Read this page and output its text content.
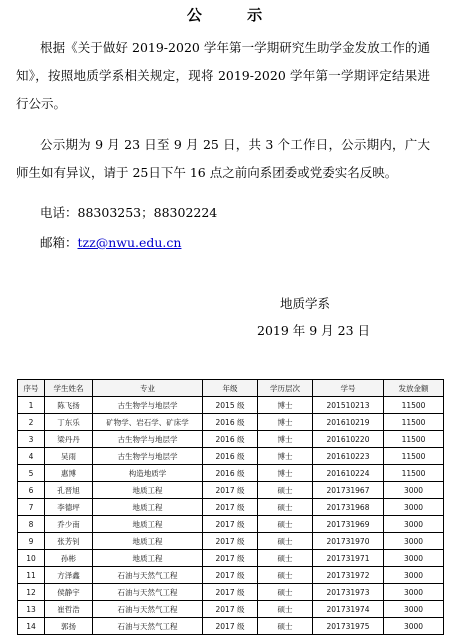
公 示
根据《关于做好 2019-2020 学年第一学期研究生助学金发放工作的通知》，按照地质学系相关规定，现将 2019-2020 学年第一学期评定结果进行公示。
公示期为 9 月 23 日至 9 月 25 日，共 3 个工作日，公示期内，广大师生如有异议，请于 25日下午 16 点之前向系团委或党委实名反映。
电话：88303253；88302224
邮箱：tzz@nwu.edu.cn
地质学系
2019 年 9 月 23 日
序号	学生姓名	专业	年级	学历层次	学号	发放金额
1	陈飞扬	古生物学与地层学	2015 级	博士	201510213	11500
2	丁东乐	矿物学、岩石学、矿床学	2016 级	博士	201610219	11500
3	梁丹丹	古生物学与地层学	2016 级	博士	201610220	11500
4	吴雨	古生物学与地层学	2016 级	博士	201610223	11500
5	惠博	构造地质学	2016 级	博士	201610224	11500
6	孔晋旭	地质工程	2017 级	硕士	201731967	3000
7	李德坪	地质工程	2017 级	硕士	201731968	3000
8	乔少南	地质工程	2017 级	硕士	201731969	3000
9	张芳钊	地质工程	2017 级	硕士	201731970	3000
10	孙彬	地质工程	2017 级	硕士	201731971	3000
11	方泽鑫	石油与天然气工程	2017 级	硕士	201731972	3000
12	侯静宇	石油与天然气工程	2017 级	硕士	201731973	3000
13	崔哲浩	石油与天然气工程	2017 级	硕士	201731974	3000
14	郭扬	石油与天然气工程	2017 级	硕士	201731975	3000
